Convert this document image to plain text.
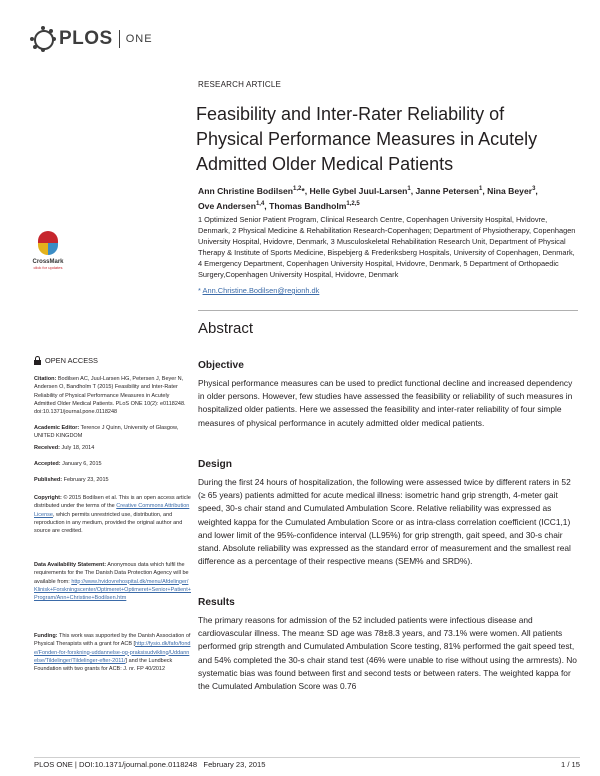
PLOS ONE
RESEARCH ARTICLE
Feasibility and Inter-Rater Reliability of Physical Performance Measures in Acutely Admitted Older Medical Patients
Ann Christine Bodilsen$^{1,2}$*, Helle Gybel Juul-Larsen$^1$, Janne Petersen$^1$, Nina Beyer$^3$,
Ove Andersen$^{1,4}$, Thomas Bandholm$^{1,2,5}$
1 Optimized Senior Patient Program, Clinical Research Centre, Copenhagen University Hospital, Hvidovre, Denmark, 2 Physical Medicine & Rehabilitation Research-Copenhagen; Department of Physiotherapy, Copenhagen University Hospital, Hvidovre, Denmark, 3 Musculoskeletal Rehabilitation Research Unit, Department of Physical Therapy & Institute of Sports Medicine, Bispebjerg & Frederiksberg Hospitals, University of Copenhagen, Denmark, 4 Emergency Department, Copenhagen University Hospital, Hvidovre, Denmark, 5 Department of Orthopaedic Surgery,Copenhagen University Hospital, Hvidovre, Denmark
* Ann.Christine.Bodilsen@regionh.dk
CrossMark
click for updates
OPEN ACCESS
Citation: Bodilsen AC, Juul-Larsen HG, Petersen J, Beyer N, Andersen O, Bandholm T (2015) Feasibility and Inter-Rater Reliability of Physical Performance Measures in Acutely Admitted Older Medical Patients. PLoS ONE 10(2): e0118248. doi:10.1371/journal.pone.0118248
Academic Editor: Terence J Quinn, University of Glasgow, UNITED KINGDOM
Received: July 18, 2014
Accepted: January 6, 2015
Published: February 23, 2015
Copyright: © 2015 Bodilsen et al. This is an open access article distributed under the terms of the Creative Commons Attribution License, which permits unrestricted use, distribution, and reproduction in any medium, provided the original author and source are credited.
Data Availability Statement: Anonymous data which fulfil the requirements for the The Danish Data Protection Agency will be available from: http://www.hvidovrehospital.dk/menu/Afdelinger/Klinisk+Forskningscenter/Optimeret+Optimeret+Senior+Patient+Program/Ann+Christine+Bodilsen.htm
Funding: This work was supported by the Danish Association of Physical Therapists with a grant for ACB [http://fysio.dk/fafo/fonde/Fonden-for-forskning-uddannelse-og-praksisudvikling/Uddannelse/Tildelinger/Tildelinger-efter-2011/] and the Lundbeck Foundation with two grants for ACB: J. nr. FP 40/2012
Abstract
Objective
Physical performance measures can be used to predict functional decline and increased dependency in older persons. However, few studies have assessed the feasibility or reliability of such measures in hospitalized older patients. Here we assessed the feasibility and inter-rater reliability of four simple measures of physical performance in acutely admitted older medical patients.
Design
During the first 24 hours of hospitalization, the following were assessed twice by different raters in 52 (≥ 65 years) patients admitted for acute medical illness: isometric hand grip strength, 4-meter gait speed, 30-s chair stand and Cumulated Ambulation Score. Relative reliability was expressed as weighted kappa for the Cumulated Ambulation Score or as intra-class correlation coefficient (ICC1,1) and lower limit of the 95%-confidence interval (LL95%) for grip strength, gait speed, and 30-s chair stand. Absolute reliability was expressed as the standard error of measurement and the smallest real difference as a percentage of their respective means (SEM% and SRD%).
Results
The primary reasons for admission of the 52 included patients were infectious disease and cardiovascular illness. The mean± SD age was 78±8.3 years, and 73.1% were women. All patients performed grip strength and Cumulated Ambulation Score testing, 81% performed the gait speed test, and 54% completed the 30-s chair stand test (46% were unable to rise without using the armrests). No systematic bias was found between first and second tests or between raters. The weighted kappa for the Cumulated Ambulation Score was 0.76
PLOS ONE | DOI:10.1371/journal.pone.0118248   February 23, 2015	1 / 15
